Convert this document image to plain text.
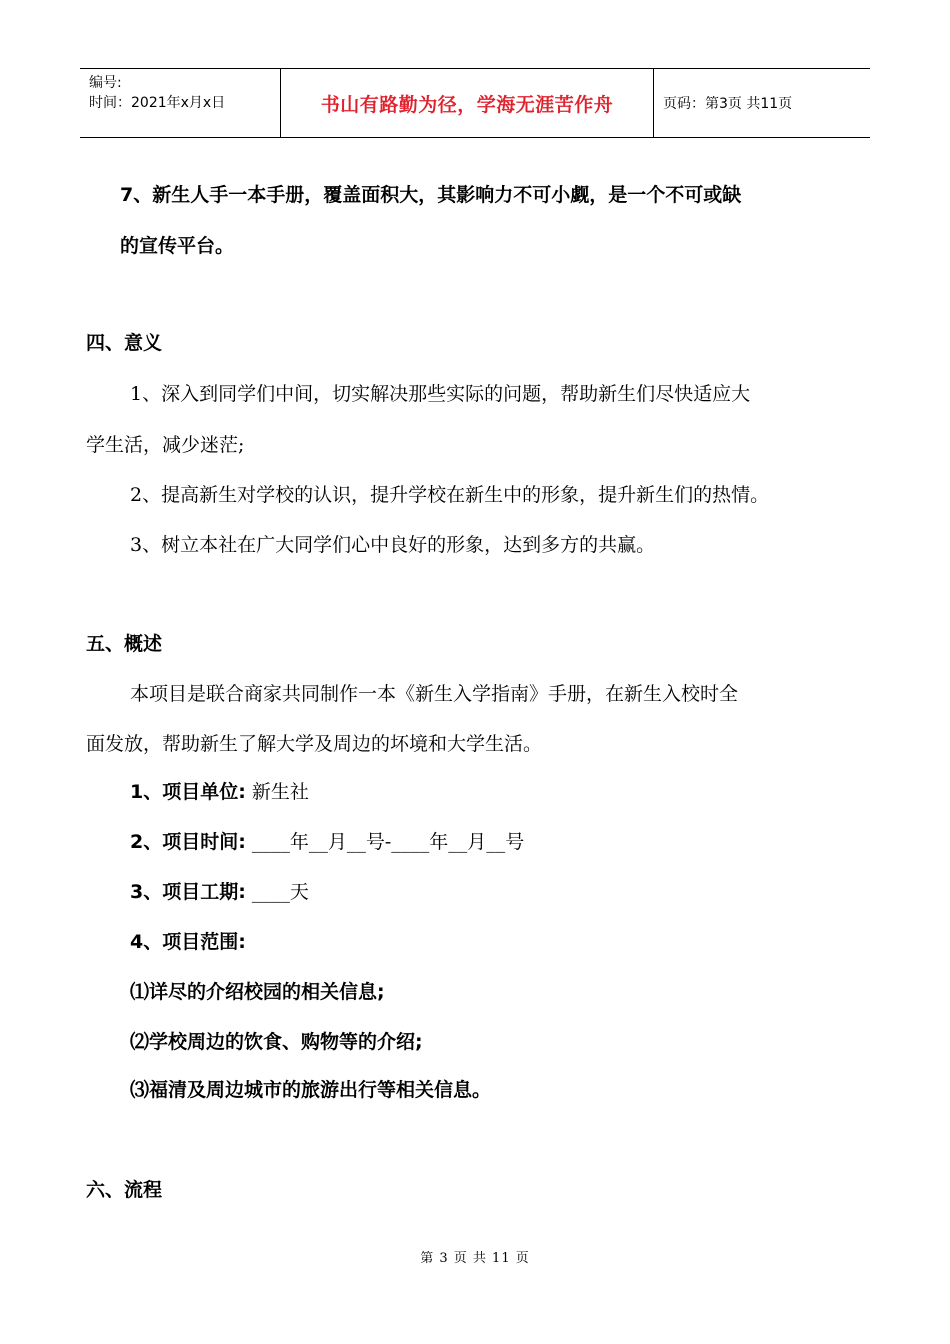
编号:
时间：2021年x月x日	书山有路勤为径，学海无涯苦作舟	页码：第3页 共11页
7、新生人手一本手册，覆盖面积大，其影响力不可小觑，是一个不可或缺
的宣传平台。
四、意义
1、深入到同学们中间，切实解决那些实际的问题，帮助新生们尽快适应大
学生活，减少迷茫;
2、提高新生对学校的认识，提升学校在新生中的形象，提升新生们的热情。
3、树立本社在广大同学们心中良好的形象，达到多方的共赢。
五、概述
本项目是联合商家共同制作一本《新生入学指南》手册，在新生入校时全
面发放，帮助新生了解大学及周边的坏境和大学生活。
1、项目单位: 新生社
2、项目时间: ____年__月__号-____年__月__号
3、项目工期: ____天
4、项目范围:
⑴详尽的介绍校园的相关信息;
⑵学校周边的饮食、购物等的介绍;
⑶福清及周边城市的旅游出行等相关信息。
六、流程
第 3 页 共 11 页
